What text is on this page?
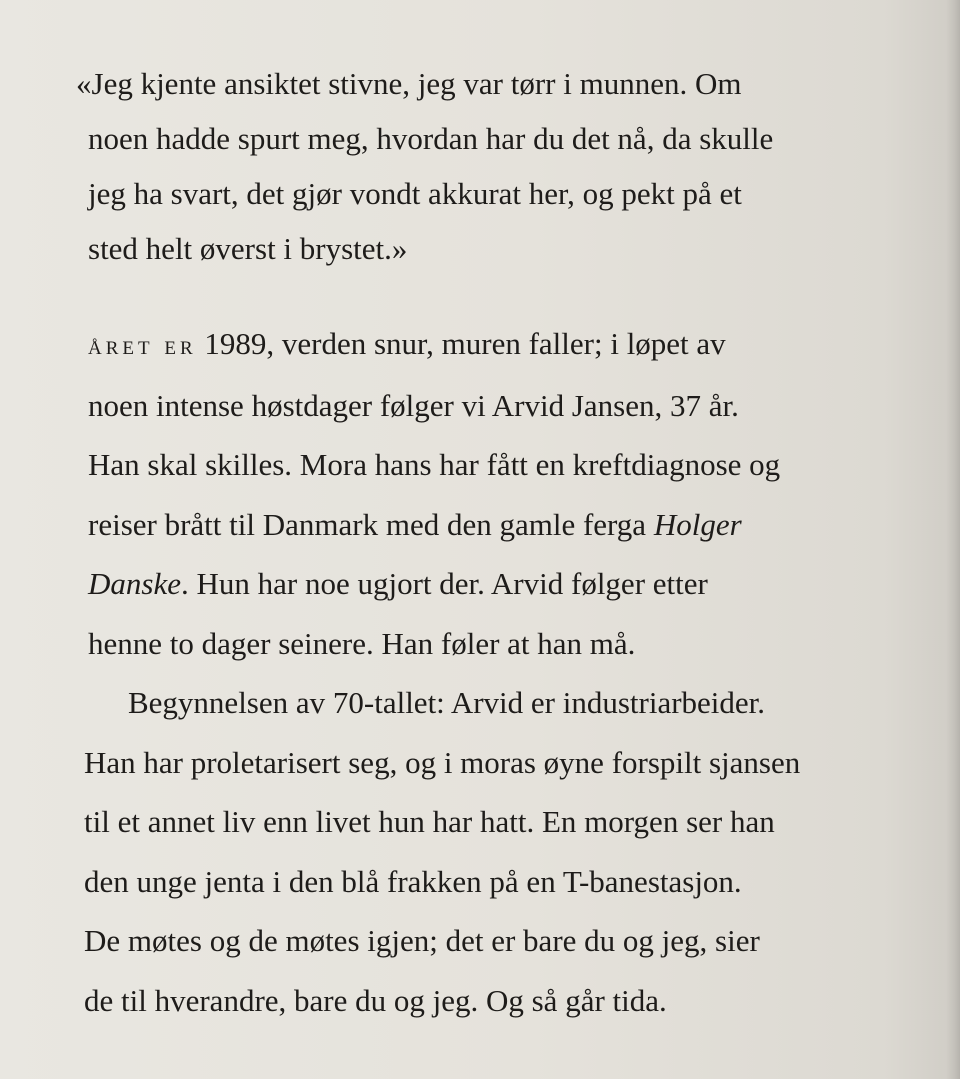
«Jeg kjente ansiktet stivne, jeg var tørr i munnen. Om
noen hadde spurt meg, hvordan har du det nå, da skulle
jeg ha svart, det gjør vondt akkurat her, og pekt på et
sted helt øverst i brystet.»

året er 1989, verden snur, muren faller; i løpet av
noen intense høstdager følger vi Arvid Jansen, 37 år.
Han skal skilles. Mora hans har fått en kreftdiagnose og
reiser brått til Danmark med den gamle ferga Holger
Danske. Hun har noe ugjort der. Arvid følger etter
henne to dager seinere. Han føler at han må.
Begynnelsen av 70-tallet: Arvid er industriarbeider.
Han har proletarisert seg, og i moras øyne forspilt sjansen
til et annet liv enn livet hun har hatt. En morgen ser han
den unge jenta i den blå frakken på en T-banestasjon.
De møtes og de møtes igjen; det er bare du og jeg, sier
de til hverandre, bare du og jeg. Og så går tida.
